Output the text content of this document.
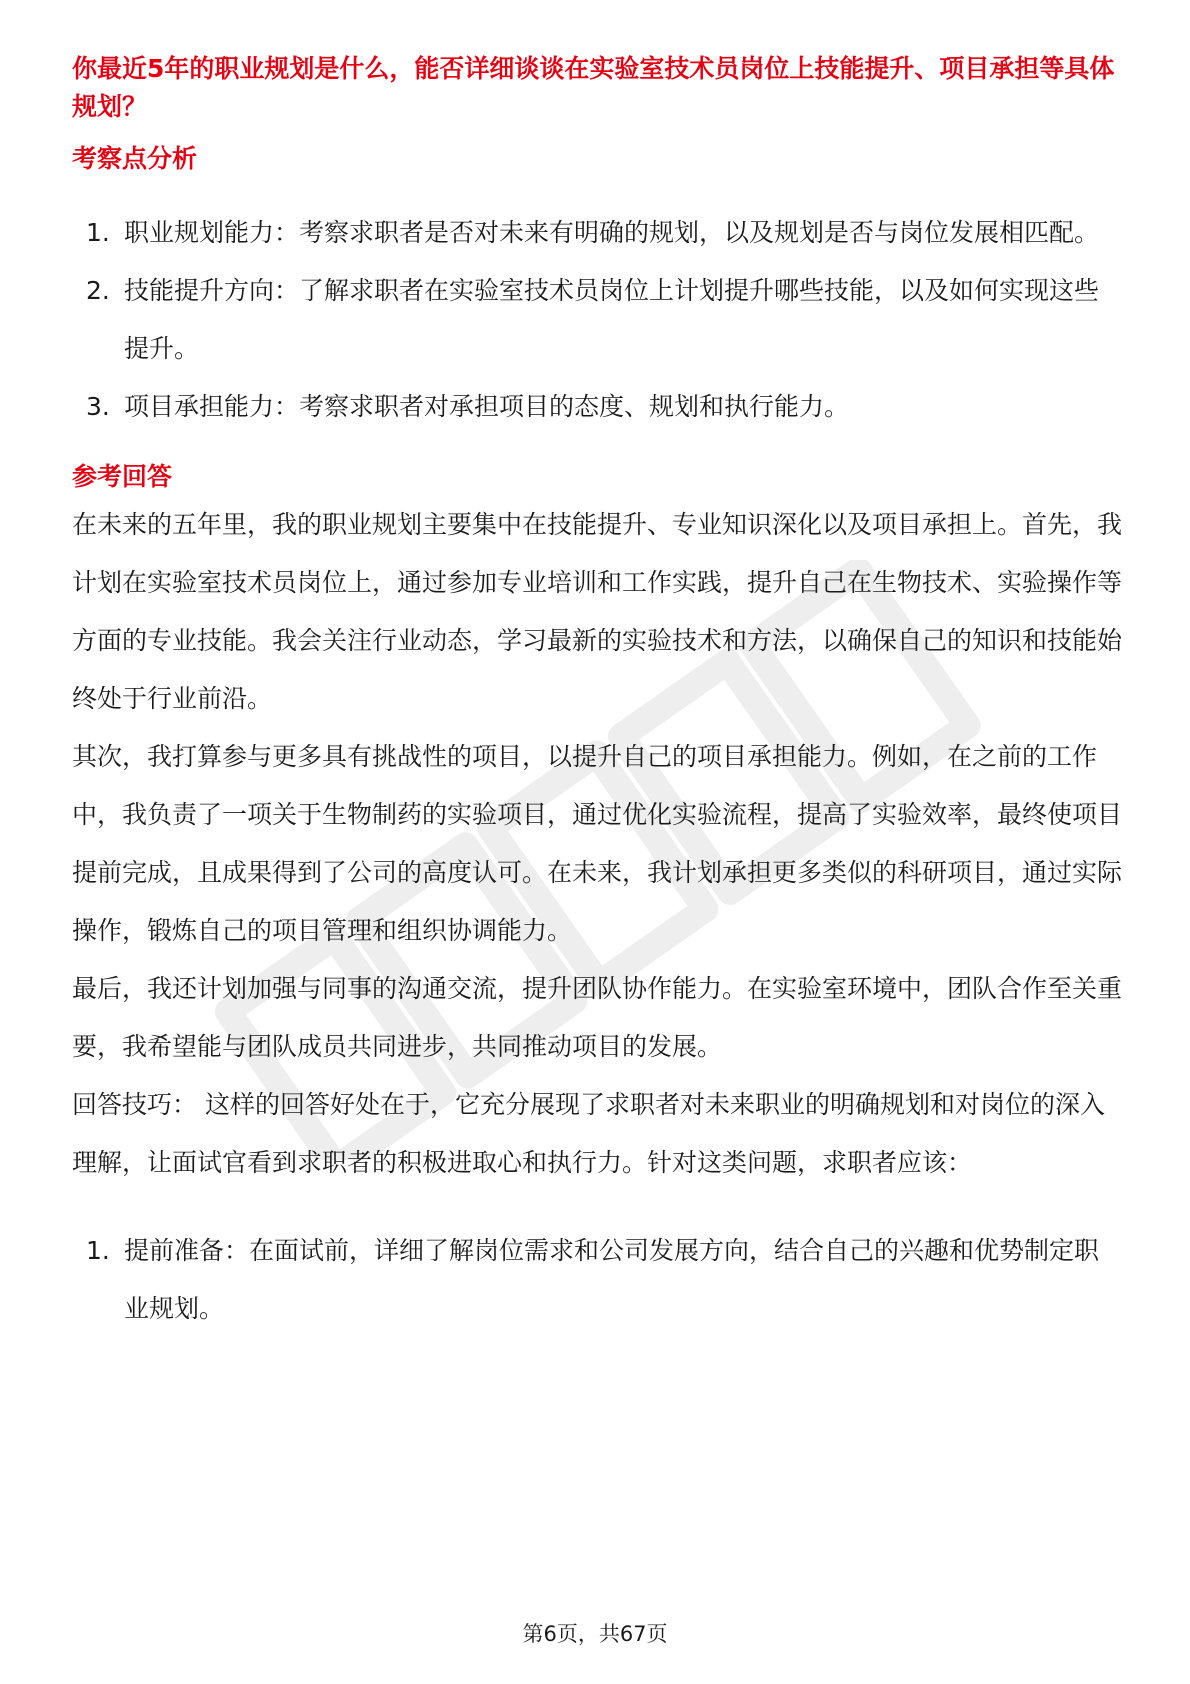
你最近5年的职业规划是什么，能否详细谈谈在实验室技术员岗位上技能提升、项目承担等具体规划？
考察点分析
1. 职业规划能力：考察求职者是否对未来有明确的规划，以及规划是否与岗位发展相匹配。
2. 技能提升方向：了解求职者在实验室技术员岗位上计划提升哪些技能，以及如何实现这些提升。
3. 项目承担能力：考察求职者对承担项目的态度、规划和执行能力。
参考回答

在未来的五年里，我的职业规划主要集中在技能提升、专业知识深化以及项目承担上。首先，我计划在实验室技术员岗位上，通过参加专业培训和工作实践，提升自己在生物技术、实验操作等方面的专业技能。我会关注行业动态，学习最新的实验技术和方法，以确保自己的知识和技能始终处于行业前沿。

其次，我打算参与更多具有挑战性的项目，以提升自己的项目承担能力。例如，在之前的工作中，我负责了一项关于生物制药的实验项目，通过优化实验流程，提高了实验效率，最终使项目提前完成，且成果得到了公司的高度认可。在未来，我计划承担更多类似的科研项目，通过实际操作，锻炼自己的项目管理和组织协调能力。

最后，我还计划加强与同事的沟通交流，提升团队协作能力。在实验室环境中，团队合作至关重要，我希望能与团队成员共同进步，共同推动项目的发展。

回答技巧： 这样的回答好处在于，它充分展现了求职者对未来职业的明确规划和对岗位的深入理解，让面试官看到求职者的积极进取心和执行力。针对这类问题，求职者应该：

1. 提前准备：在面试前，详细了解岗位需求和公司发展方向，结合自己的兴趣和优势制定职业规划。
第6页，共67页
